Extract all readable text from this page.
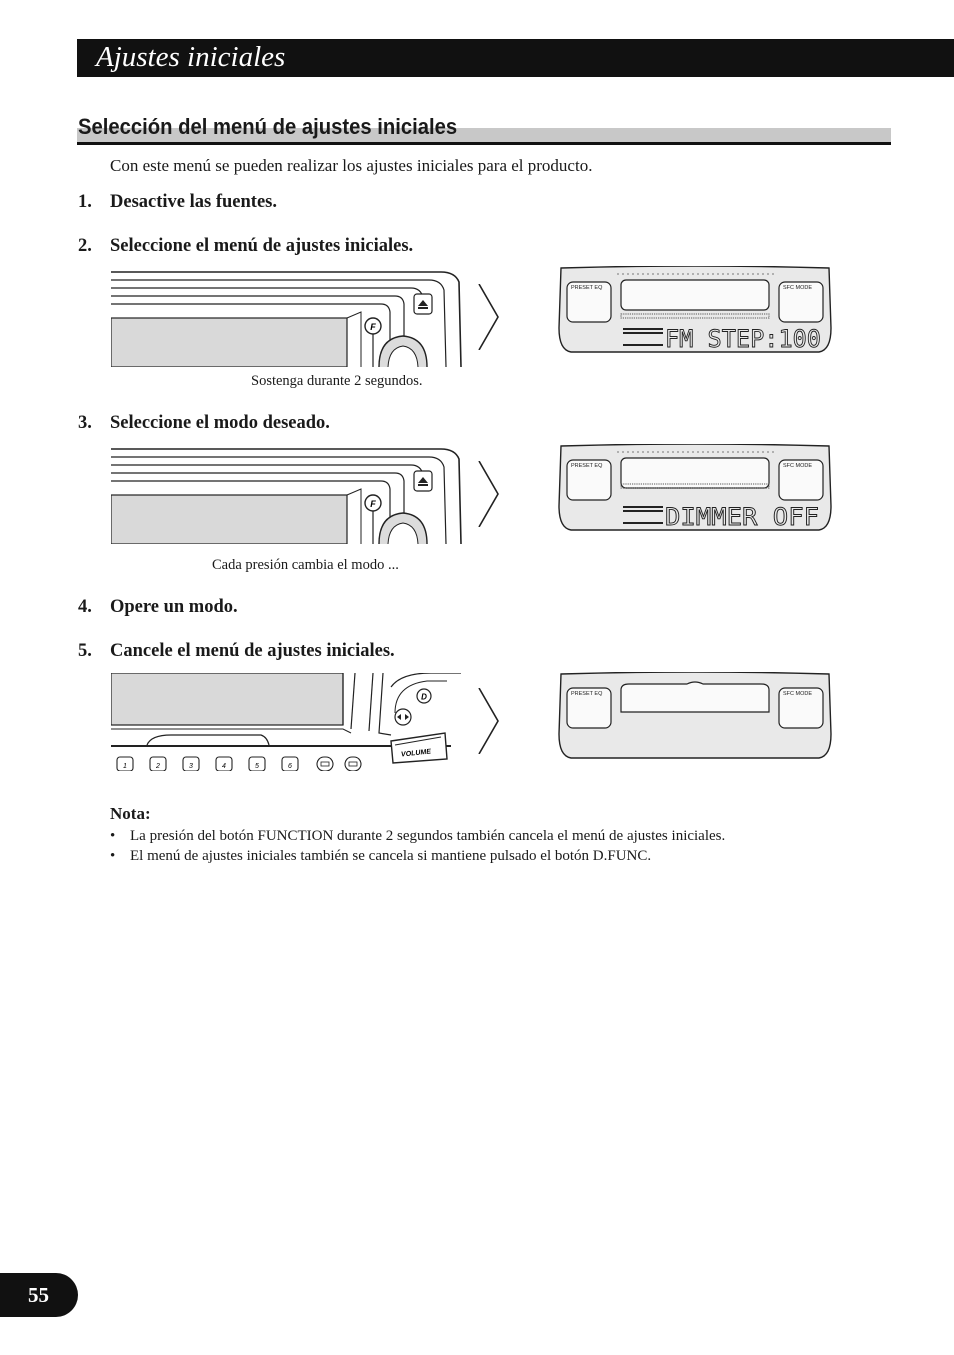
Ajustes iniciales
Selección del menú de ajustes iniciales
Con este menú se pueden realizar los ajustes iniciales para el producto.
1. Desactive las fuentes.
2. Seleccione el menú de ajustes iniciales.
3. Seleccione el modo deseado.
4. Opere un modo.
5. Cancele el menú de ajustes iniciales.
F
Sostenga durante 2 segundos.
PRESET EQ	SFC MODE
FM STEP:100
F
Cada presión cambia el modo ...
PRESET EQ	SFC MODE
DIMMER OFF
D
VOLUME
1	2	3	4	5	6
PRESET EQ	SFC MODE
Nota:
• La presión del botón FUNCTION durante 2 segundos también cancela el menú de ajustes iniciales.
• El menú de ajustes iniciales también se cancela si mantiene pulsado el botón D.FUNC.
55
